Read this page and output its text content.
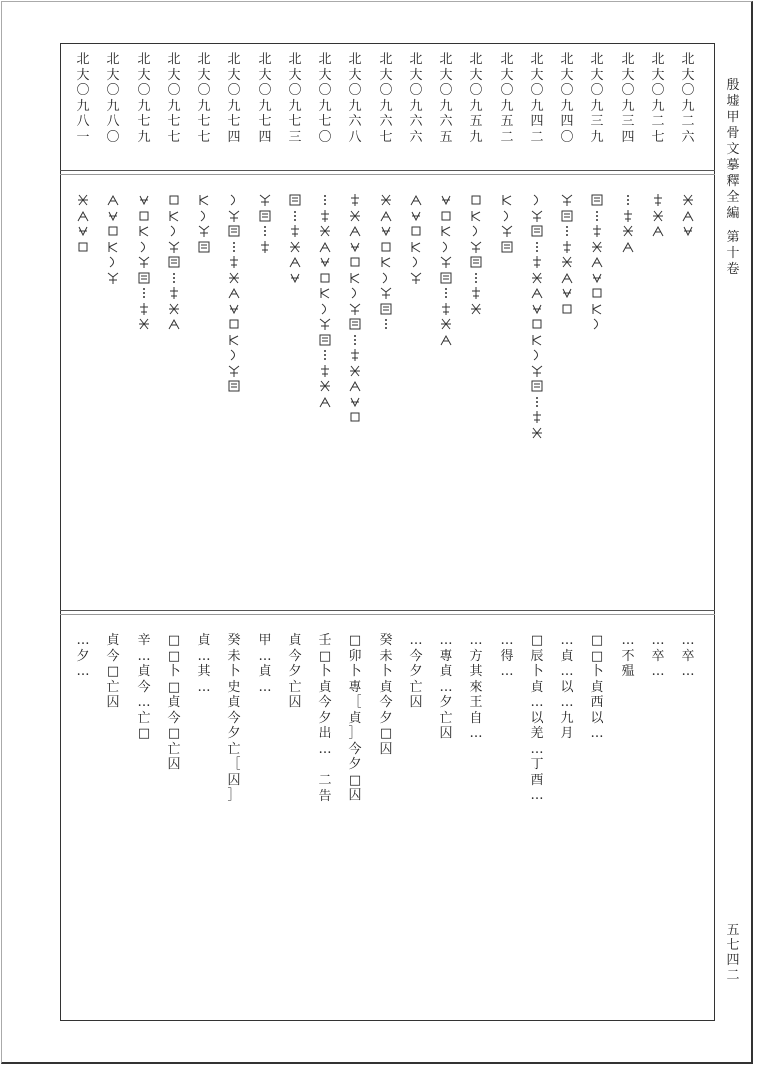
北
大
〇
九
二
六
…
卒
…
北
大
〇
九
二
七
…
卒
…
北
大
〇
九
三
四
…
不
殟
北
大
〇
九
三
九
□
□
卜
貞
西
以
…
北
大
〇
九
四
〇
…
貞
…
以
…
九
月
北
大
〇
九
四
二
□
辰
卜
貞
…
以
羌
…
丁
酉
…
北
大
〇
九
五
二
…
得
…
北
大
〇
九
五
九
…
方
其
來
王
自
…
北
大
〇
九
六
五
…
專
貞
…
夕
亡
囚
北
大
〇
九
六
六
…
今
夕
亡
囚
北
大
〇
九
六
七
癸
未
卜
貞
今
夕
□
囚
北
大
〇
九
六
八
□
卯
卜
專
［
貞
］
今
夕
□
囚
北
大
〇
九
七
〇
壬
□
卜
貞
今
夕
出
…
二
告
北
大
〇
九
七
三
貞
今
夕
亡
囚
北
大
〇
九
七
四
甲
…
貞
…
北
大
〇
九
七
四
癸
未
卜
史
貞
今
夕
亡
［
囚
］
北
大
〇
九
七
七
貞
…
其
…
北
大
〇
九
七
七
□
□
卜
□
貞
今
□
亡
囚
北
大
〇
九
七
九
辛
…
貞
今
…
亡
□
北
大
〇
九
八
〇
貞
今
□
亡
囚
北
大
〇
九
八
一
…
夕
…
殷
墟
甲
骨
文
摹
釋
全
編
第
十
卷
五
七
四
二
